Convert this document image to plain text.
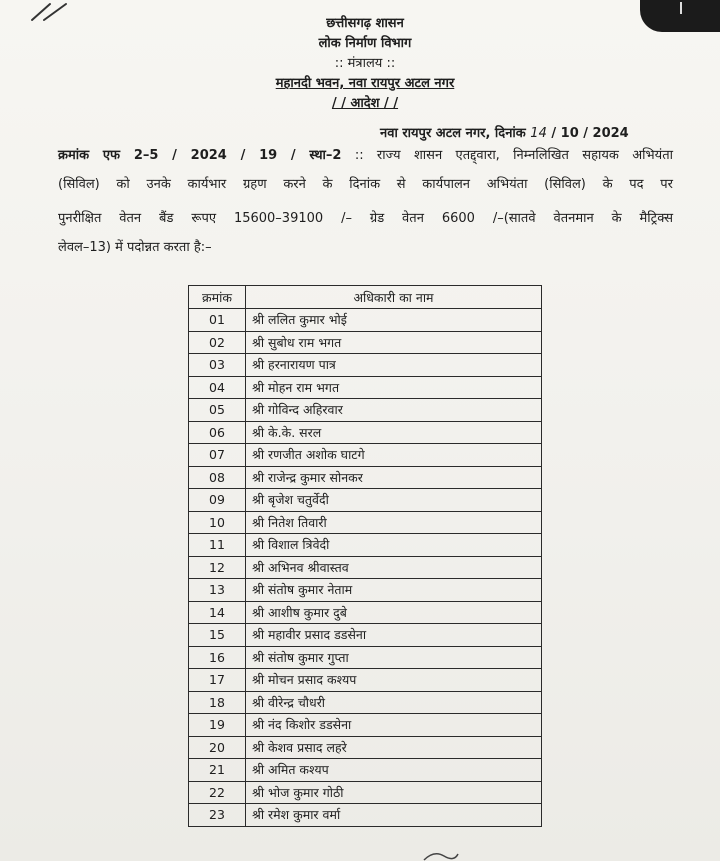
छत्तीसगढ़ शासन
लोक निर्माण विभाग
:: मंत्रालय ::
महानदी भवन, नवा रायपुर अटल नगर
/ / आदेश / /
नवा रायपुर अटल नगर, दिनांक 14 / 10 / 2024
क्रमांक एफ 2–5 / 2024 / 19 / स्था–2 :: राज्य शासन एतद्द्वारा, निम्नलिखित सहायक अभियंता
(सिविल) को उनके कार्यभार ग्रहण करने के दिनांक से कार्यपालन अभियंता (सिविल) के पद पर
पुनरीक्षित वेतन बैंड रूपए 15600–39100 /– ग्रेड वेतन 6600 /–(सातवे वेतनमान के मैट्रिक्स
लेवल–13) में पदोन्नत करता है:–
क्रमांक	अधिकारी का नाम
01	श्री ललित कुमार भोई
02	श्री सुबोध राम भगत
03	श्री हरनारायण पात्र
04	श्री मोहन राम भगत
05	श्री गोविन्द अहिरवार
06	श्री के.के. सरल
07	श्री रणजीत अशोक घाटगे
08	श्री राजेन्द्र कुमार सोनकर
09	श्री बृजेश चतुर्वेदी
10	श्री नितेश तिवारी
11	श्री विशाल त्रिवेदी
12	श्री अभिनव श्रीवास्तव
13	श्री संतोष कुमार नेताम
14	श्री आशीष कुमार दुबे
15	श्री महावीर प्रसाद डडसेना
16	श्री संतोष कुमार गुप्ता
17	श्री मोचन प्रसाद कश्यप
18	श्री वीरेन्द्र चौधरी
19	श्री नंद किशोर डडसेना
20	श्री केशव प्रसाद लहरे
21	श्री अमित कश्यप
22	श्री भोज कुमार गोठी
23	श्री रमेश कुमार वर्मा
